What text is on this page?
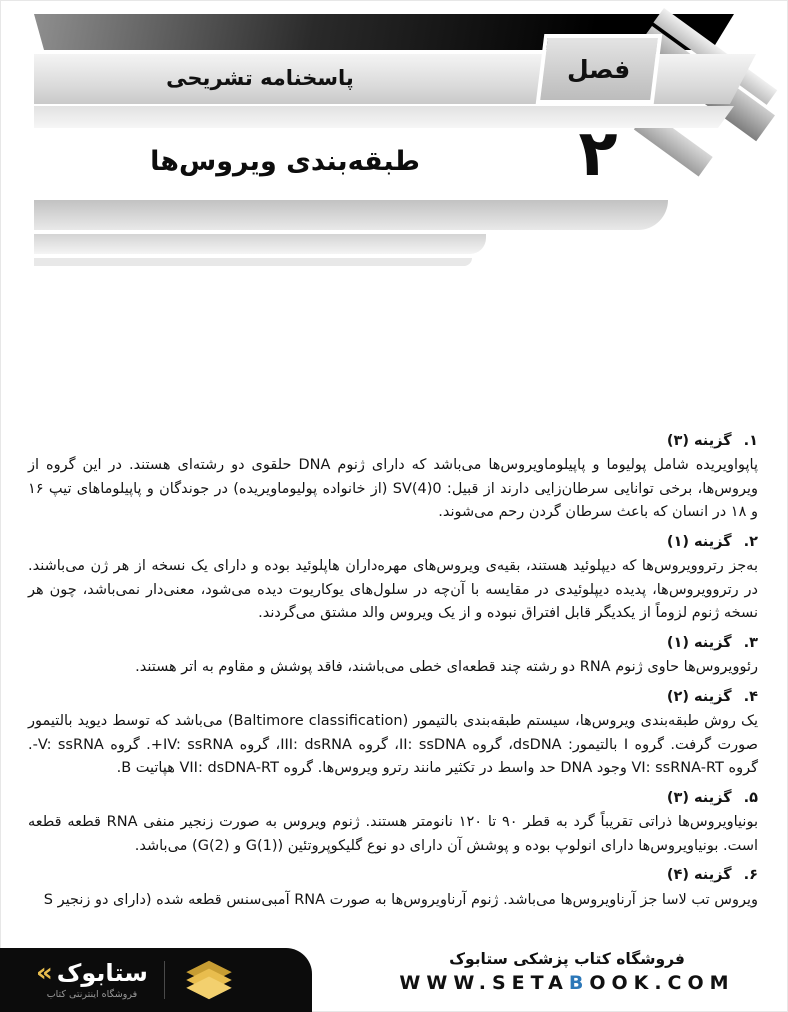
پاسخنامه تشریحی	فصل
طبقه‌بندی ویروس‌ها	۲
۱.گزینه (۳)
پاپواویریده شامل پولیوما و پاپیلوماویروس‌ها می‌باشد که دارای ژنوم DNA حلقوی دو رشته‌ای هستند. در این گروه از ویروس‌ها، برخی توانایی سرطان‌زایی دارند از قبیل: SV(4)0 (از خانواده پولیوماویریده) در جوندگان و پاپیلوماهای تیپ ۱۶ و ۱۸ در انسان که باعث سرطان گردن رحم می‌شوند.
۲.گزینه (۱)
به‌جز رتروویروس‌ها که دیپلوئید هستند، بقیه‌ی ویروس‌های مهره‌داران هاپلوئید بوده و دارای یک نسخه از هر ژن می‌باشند. در رتروویروس‌ها، پدیده دیپلوئیدی در مقایسه با آن‌چه در سلول‌های یوکاریوت دیده می‌شود، معنی‌دار نمی‌باشد، چون هر نسخه ژنوم لزوماً از یکدیگر قابل افتراق نبوده و از یک ویروس والد مشتق می‌گردند.
۳.گزینه (۱)
رئوویروس‌ها حاوی ژنوم RNA دو رشته چند قطعه‌ای خطی می‌باشند، فاقد پوشش و مقاوم به اتر هستند.
۴.گزینه (۲)
یک روش طبقه‌بندی ویروس‌ها، سیستم طبقه‌بندی بالتیمور (Baltimore classification) می‌باشد که توسط دیوید بالتیمور صورت گرفت. گروه I بالتیمور: dsDNA، گروه II: ssDNA، گروه III: dsRNA، گروه IV: ssRNA+. گروه V: ssRNA-. گروه VI: ssRNA-RT وجود DNA حد واسط در تکثیر مانند رترو ویروس‌ها. گروه VII: dsDNA-RT هپاتیت B.
۵.گزینه (۳)
بونیاویروس‌ها ذراتی تقریباً گرد به قطر ۹۰ تا ۱۲۰ نانومتر هستند. ژنوم ویروس به صورت زنجیر منفی RNA قطعه قطعه است. بونیاویروس‌ها دارای انولوپ بوده و پوشش آن دارای دو نوع گلیکوپروتئین (G(1) و G(2)) می‌باشد.
۶.گزینه (۴)
ویروس تب لاسا جز آرناویروس‌ها می‌باشد. ژنوم آرناویروس‌ها به صورت RNA آمبی‌سنس قطعه شده (دارای دو زنجیر S
« ستابوک
فروشگاه اینترنتی کتاب
فروشگاه کتاب پزشکی ستابوک
WWW.SETABOOK.COM
